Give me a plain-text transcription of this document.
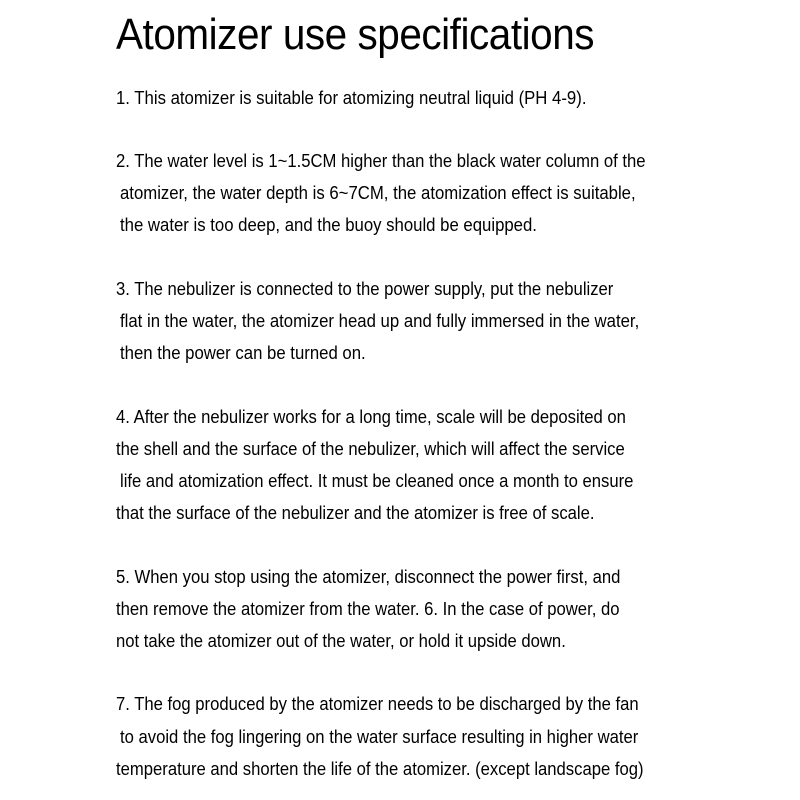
Atomizer use specifications
1. This atomizer is suitable for atomizing neutral liquid (PH 4-9).
2. The water level is 1~1.5CM higher than the black water column of the
atomizer, the water depth is 6~7CM, the atomization effect is suitable,
the water is too deep, and the buoy should be equipped.
3. The nebulizer is connected to the power supply, put the nebulizer
flat in the water, the atomizer head up and fully immersed in the water,
then the power can be turned on.
4. After the nebulizer works for a long time, scale will be deposited on
the shell and the surface of the nebulizer, which will affect the service
life and atomization effect. It must be cleaned once a month to ensure
that the surface of the nebulizer and the atomizer is free of scale.
5. When you stop using the atomizer, disconnect the power first, and
then remove the atomizer from the water. 6. In the case of power, do
not take the atomizer out of the water, or hold it upside down.
7. The fog produced by the atomizer needs to be discharged by the fan
to avoid the fog lingering on the water surface resulting in higher water
temperature and shorten the life of the atomizer. (except landscape fog)
